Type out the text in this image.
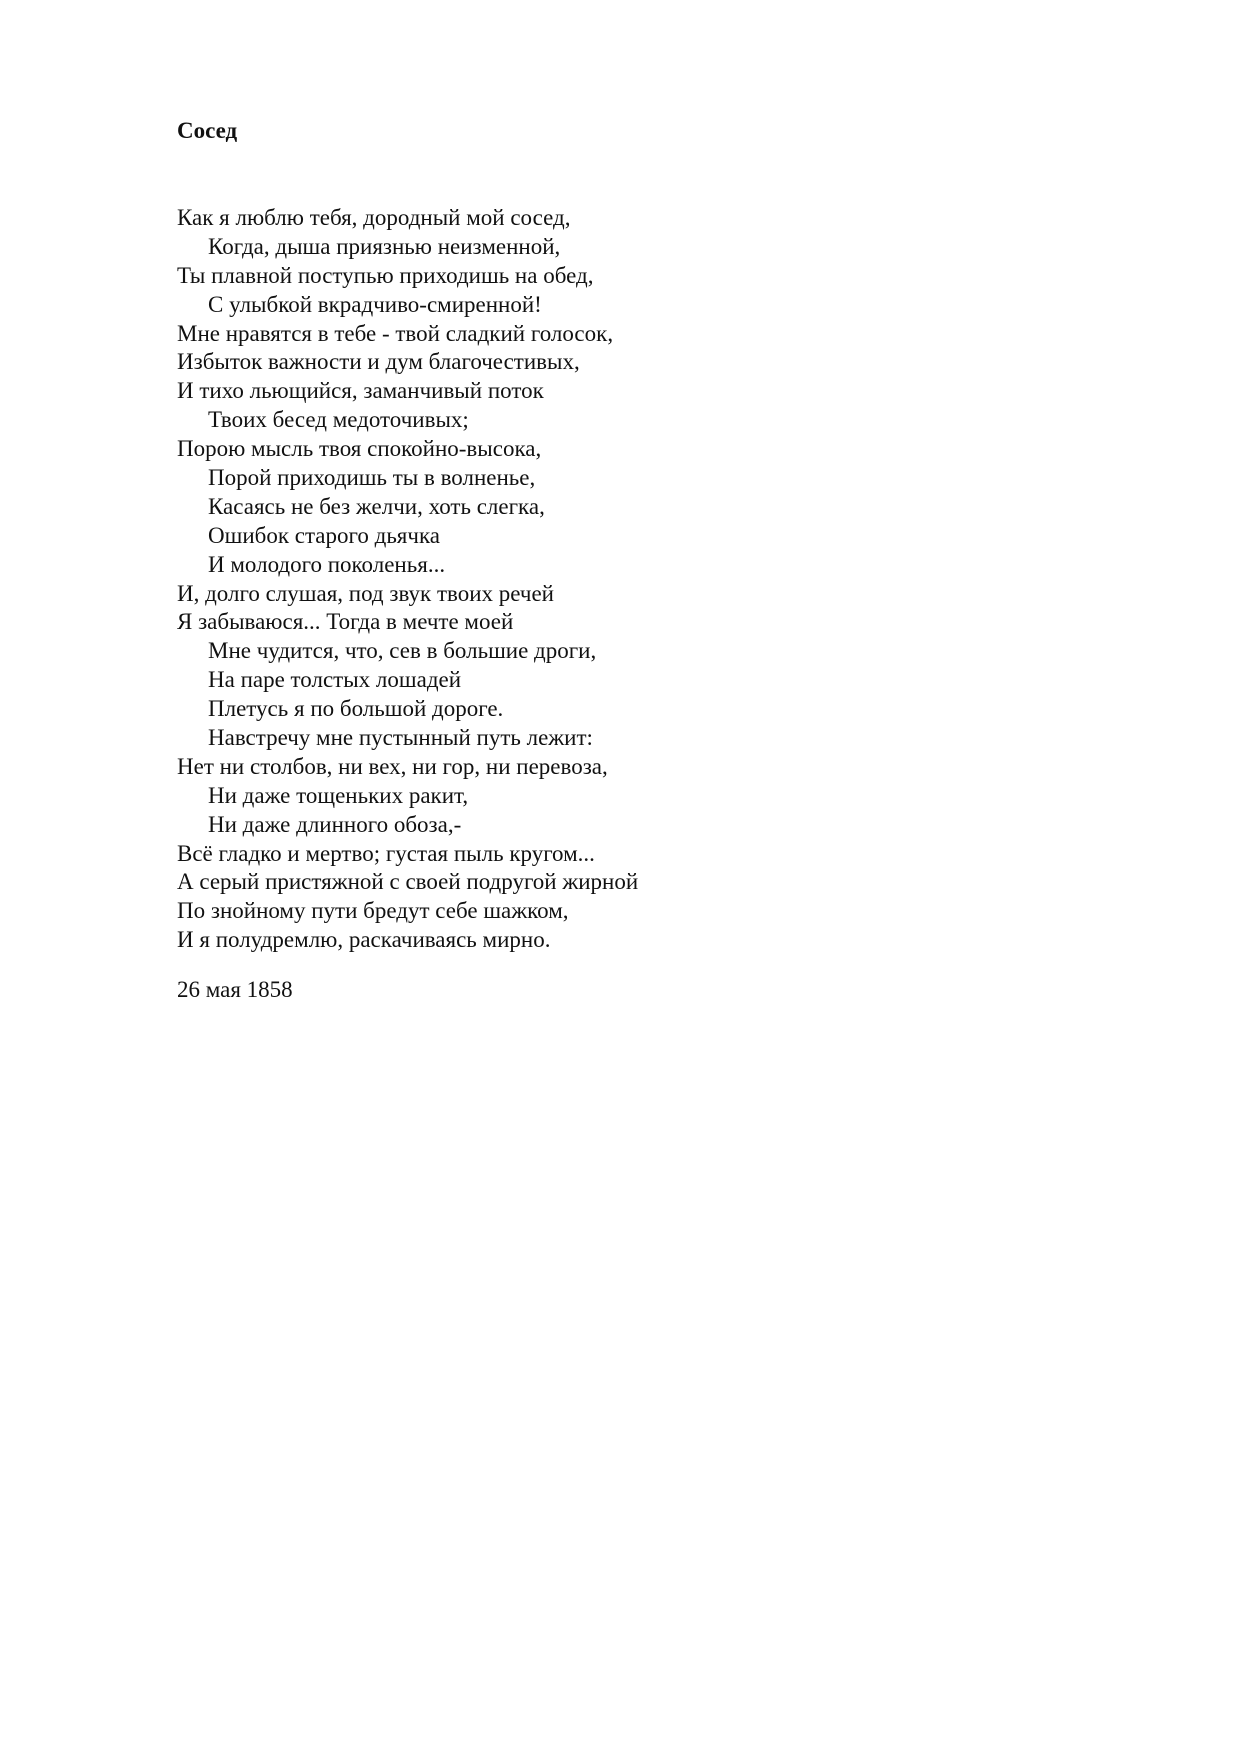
Сосед
Как я люблю тебя, дородный мой сосед,
Когда, дыша приязнью неизменной,
Ты плавной поступью приходишь на обед,
С улыбкой вкрадчиво-смиренной!
Мне нравятся в тебе - твой сладкий голосок,
Избыток важности и дум благочестивых,
И тихо льющийся, заманчивый поток
Твоих бесед медоточивых;
Порою мысль твоя спокойно-высока,
Порой приходишь ты в волненье,
Касаясь не без желчи, хоть слегка,
Ошибок старого дьячка
И молодого поколенья...
И, долго слушая, под звук твоих речей
Я забываюся... Тогда в мечте моей
Мне чудится, что, сев в большие дроги,
На паре толстых лошадей
Плетусь я по большой дороге.
Навстречу мне пустынный путь лежит:
Нет ни столбов, ни вех, ни гор, ни перевоза,
Ни даже тощеньких ракит,
Ни даже длинного обоза,-
Всё гладко и мертво; густая пыль кругом...
А серый пристяжной с своей подругой жирной
По знойному пути бредут себе шажком,
И я полудремлю, раскачиваясь мирно.
26 мая 1858
